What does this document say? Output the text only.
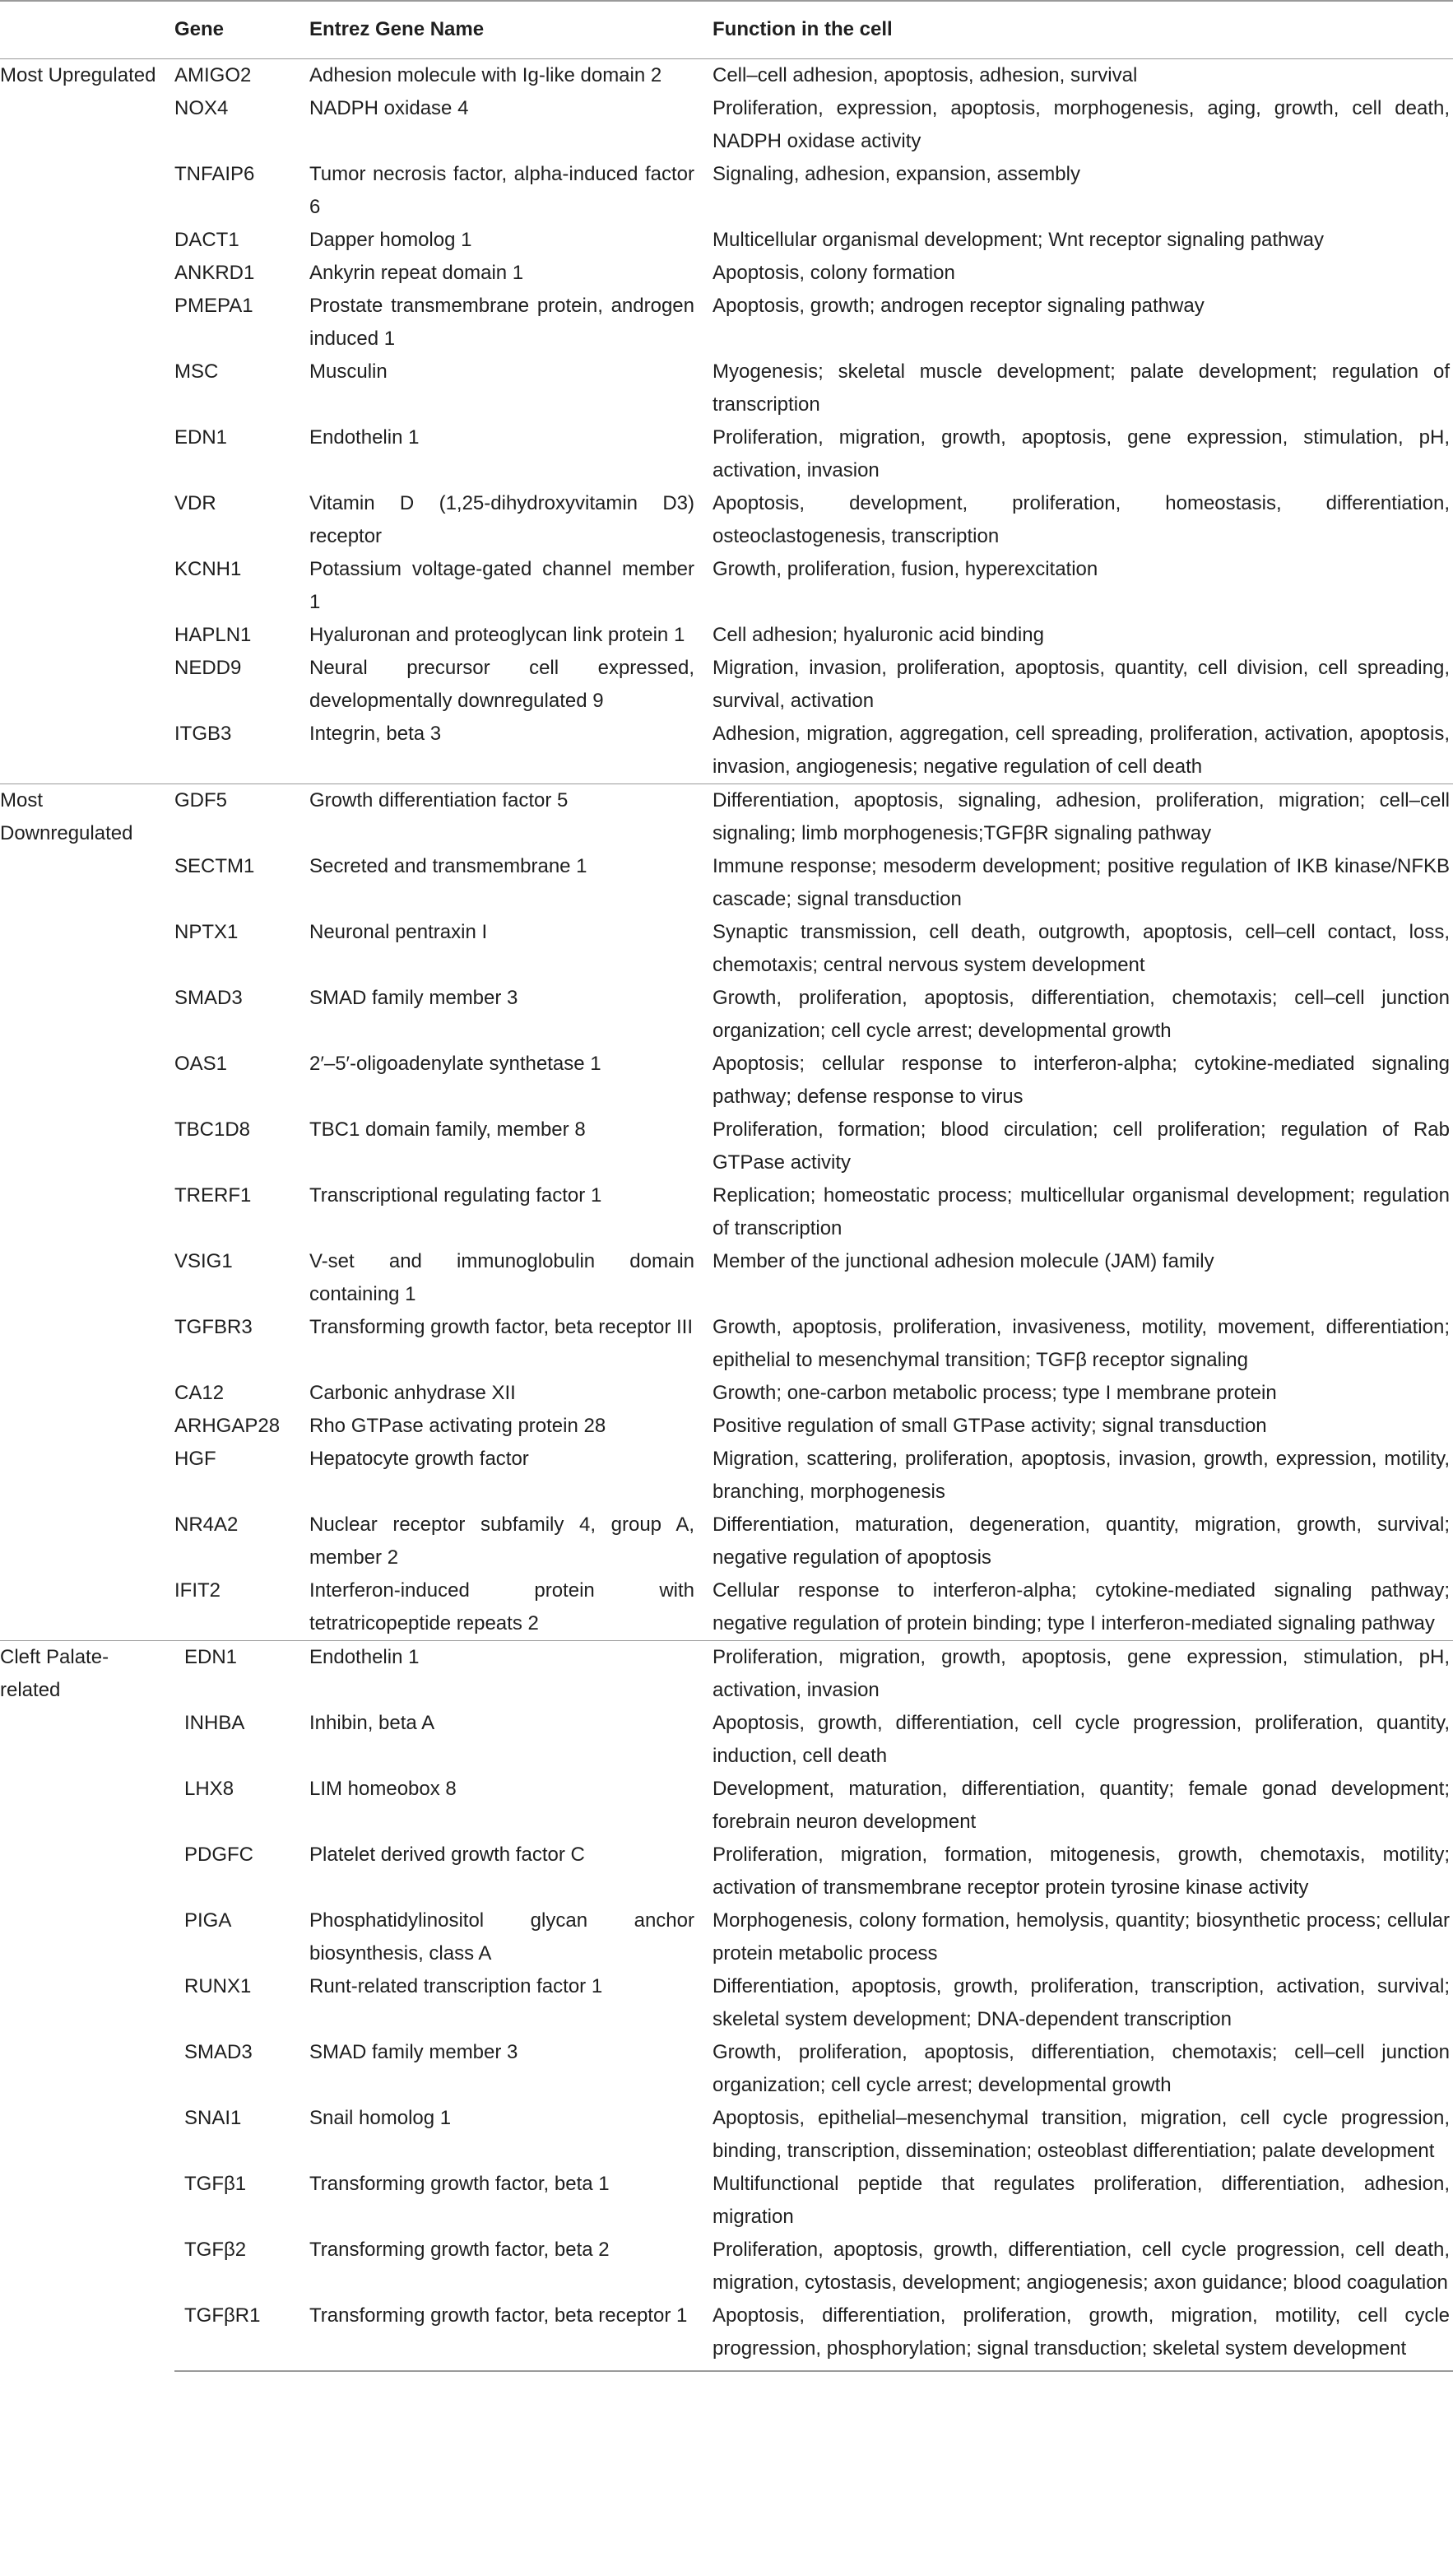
	Gene	Entrez Gene Name	Function in the cell
Most Upregulated	AMIGO2	Adhesion molecule with Ig-like domain 2	Cell–cell adhesion, apoptosis, adhesion, survival
	NOX4	NADPH oxidase 4	Proliferation, expression, apoptosis, morphogenesis, aging, growth, cell death, NADPH oxidase activity
	TNFAIP6	Tumor necrosis factor, alpha-induced factor 6	Signaling, adhesion, expansion, assembly
	DACT1	Dapper homolog 1	Multicellular organismal development; Wnt receptor signaling pathway
	ANKRD1	Ankyrin repeat domain 1	Apoptosis, colony formation
	PMEPA1	Prostate transmembrane protein, androgen induced 1	Apoptosis, growth; androgen receptor signaling pathway
	MSC	Musculin	Myogenesis; skeletal muscle development; palate development; regulation of transcription
	EDN1	Endothelin 1	Proliferation, migration, growth, apoptosis, gene expression, stimulation, pH, activation, invasion
	VDR	Vitamin D (1,25-dihydroxyvitamin D3) receptor	Apoptosis, development, proliferation, homeostasis, differentiation, osteoclastogenesis, transcription
	KCNH1	Potassium voltage-gated channel member 1	Growth, proliferation, fusion, hyperexcitation
	HAPLN1	Hyaluronan and proteoglycan link protein 1	Cell adhesion; hyaluronic acid binding
	NEDD9	Neural precursor cell expressed, developmentally downregulated 9	Migration, invasion, proliferation, apoptosis, quantity, cell division, cell spreading, survival, activation
	ITGB3	Integrin, beta 3	Adhesion, migration, aggregation, cell spreading, proliferation, activation, apoptosis, invasion, angiogenesis; negative regulation of cell death
Most Downregulated	GDF5	Growth differentiation factor 5	Differentiation, apoptosis, signaling, adhesion, proliferation, migration; cell–cell signaling; limb morphogenesis;TGFβR signaling pathway
	SECTM1	Secreted and transmembrane 1	Immune response; mesoderm development; positive regulation of IKB kinase/NFKB cascade; signal transduction
	NPTX1	Neuronal pentraxin I	Synaptic transmission, cell death, outgrowth, apoptosis, cell–cell contact, loss, chemotaxis; central nervous system development
	SMAD3	SMAD family member 3	Growth, proliferation, apoptosis, differentiation, chemotaxis; cell–cell junction organization; cell cycle arrest; developmental growth
	OAS1	2′–5′-oligoadenylate synthetase 1	Apoptosis; cellular response to interferon-alpha; cytokine-mediated signaling pathway; defense response to virus
	TBC1D8	TBC1 domain family, member 8	Proliferation, formation; blood circulation; cell proliferation; regulation of Rab GTPase activity
	TRERF1	Transcriptional regulating factor 1	Replication; homeostatic process; multicellular organismal development; regulation of transcription
	VSIG1	V-set and immunoglobulin domain containing 1	Member of the junctional adhesion molecule (JAM) family
	TGFBR3	Transforming growth factor, beta receptor III	Growth, apoptosis, proliferation, invasiveness, motility, movement, differentiation; epithelial to mesenchymal transition; TGFβ receptor signaling
	CA12	Carbonic anhydrase XII	Growth; one-carbon metabolic process; type I membrane protein
	ARHGAP28	Rho GTPase activating protein 28	Positive regulation of small GTPase activity; signal transduction
	HGF	Hepatocyte growth factor	Migration, scattering, proliferation, apoptosis, invasion, growth, expression, motility, branching, morphogenesis
	NR4A2	Nuclear receptor subfamily 4, group A, member 2	Differentiation, maturation, degeneration, quantity, migration, growth, survival; negative regulation of apoptosis
	IFIT2	Interferon-induced protein with tetratricopeptide repeats 2	Cellular response to interferon-alpha; cytokine-mediated signaling pathway; negative regulation of protein binding; type I interferon-mediated signaling pathway
Cleft Palate-related	EDN1	Endothelin 1	Proliferation, migration, growth, apoptosis, gene expression, stimulation, pH, activation, invasion
	INHBA	Inhibin, beta A	Apoptosis, growth, differentiation, cell cycle progression, proliferation, quantity, induction, cell death
	LHX8	LIM homeobox 8	Development, maturation, differentiation, quantity; female gonad development; forebrain neuron development
	PDGFC	Platelet derived growth factor C	Proliferation, migration, formation, mitogenesis, growth, chemotaxis, motility; activation of transmembrane receptor protein tyrosine kinase activity
	PIGA	Phosphatidylinositol glycan anchor biosynthesis, class A	Morphogenesis, colony formation, hemolysis, quantity; biosynthetic process; cellular protein metabolic process
	RUNX1	Runt-related transcription factor 1	Differentiation, apoptosis, growth, proliferation, transcription, activation, survival; skeletal system development; DNA-dependent transcription
	SMAD3	SMAD family member 3	Growth, proliferation, apoptosis, differentiation, chemotaxis; cell–cell junction organization; cell cycle arrest; developmental growth
	SNAI1	Snail homolog 1	Apoptosis, epithelial–mesenchymal transition, migration, cell cycle progression, binding, transcription, dissemination; osteoblast differentiation; palate development
	TGFβ1	Transforming growth factor, beta 1	Multifunctional peptide that regulates proliferation, differentiation, adhesion, migration
	TGFβ2	Transforming growth factor, beta 2	Proliferation, apoptosis, growth, differentiation, cell cycle progression, cell death, migration, cytostasis, development; angiogenesis; axon guidance; blood coagulation
	TGFβR1	Transforming growth factor, beta receptor 1	Apoptosis, differentiation, proliferation, growth, migration, motility, cell cycle progression, phosphorylation; signal transduction; skeletal system development
